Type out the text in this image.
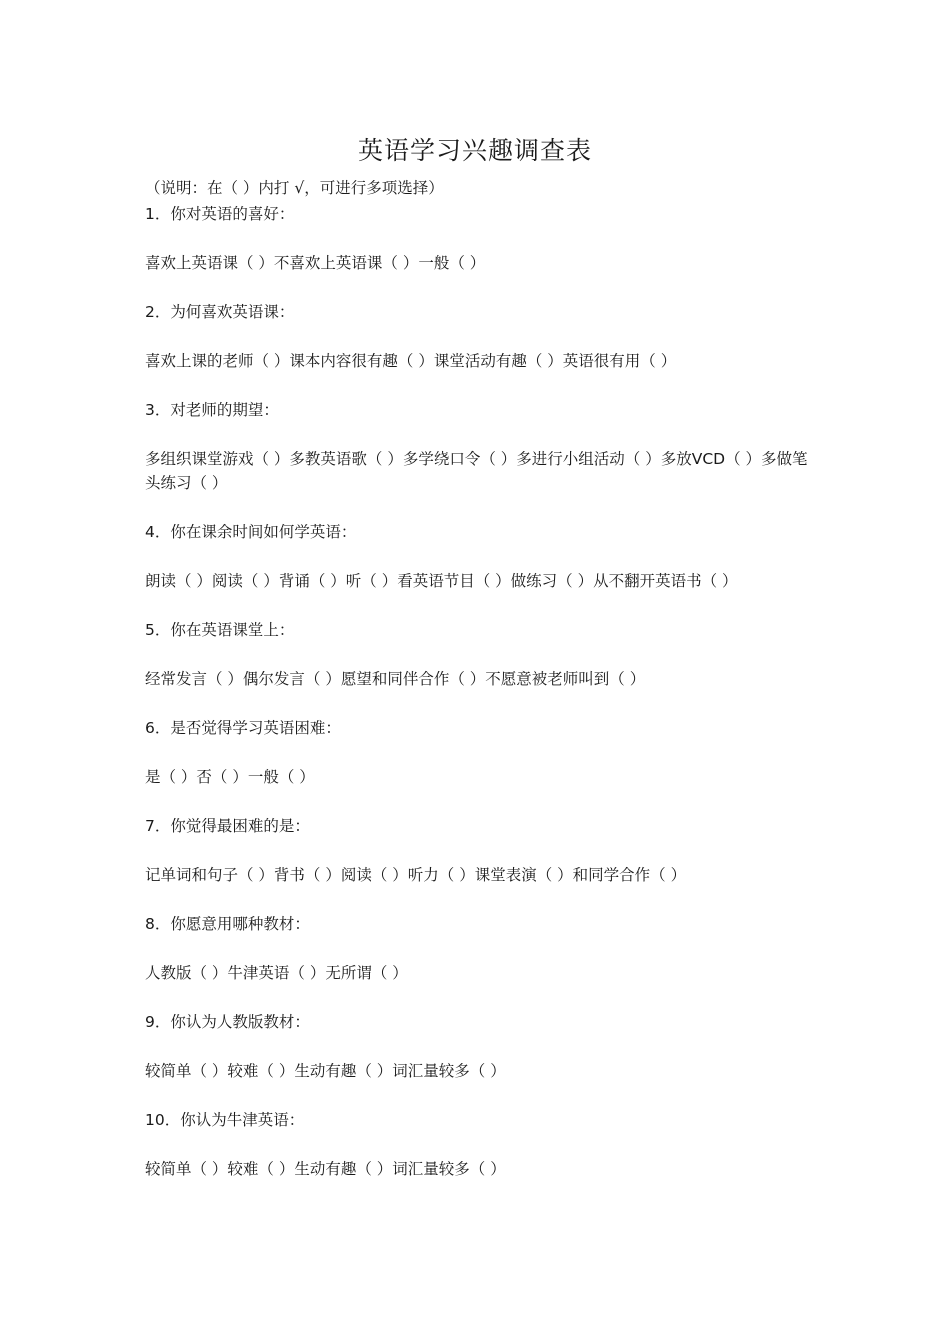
英语学习兴趣调查表

（说明：在（ ）内打 √，可进行多项选择）

1．你对英语的喜好：

喜欢上英语课（ ）不喜欢上英语课（ ）一般（ ）

2．为何喜欢英语课：

喜欢上课的老师（ ）课本内容很有趣（ ）课堂活动有趣（ ）英语很有用（ ）

3．对老师的期望：

多组织课堂游戏（ ）多教英语歌（ ）多学绕口令（ ）多进行小组活动（ ）多放VCD（ ）多做笔头练习（ ）

4．你在课余时间如何学英语：

朗读（ ）阅读（ ）背诵（ ）听（ ）看英语节目（ ）做练习（ ）从不翻开英语书（ ）

5．你在英语课堂上：

经常发言（ ）偶尔发言（ ）愿望和同伴合作（ ）不愿意被老师叫到（ ）

6．是否觉得学习英语困难：

是（ ）否（ ）一般（ ）

7．你觉得最困难的是：

记单词和句子（ ）背书（ ）阅读（ ）听力（ ）课堂表演（ ）和同学合作（ ）

8．你愿意用哪种教材：

人教版（ ）牛津英语（ ）无所谓（ ）

9．你认为人教版教材：

较简单（ ）较难（ ）生动有趣（ ）词汇量较多（ ）

10．你认为牛津英语：

较简单（ ）较难（ ）生动有趣（ ）词汇量较多（ ）
